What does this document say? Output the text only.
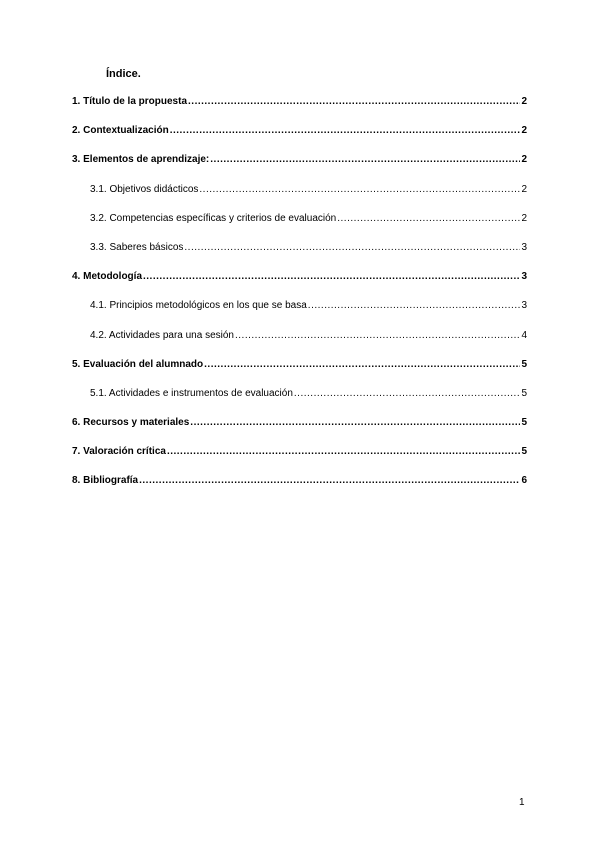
Índice.
1. Título de la propuesta .....	2
2. Contextualización .....	2
3. Elementos de aprendizaje: .....	2
3.1. Objetivos didácticos .....	2
3.2. Competencias específicas y criterios de evaluación .....	2
3.3. Saberes básicos .....	3
4. Metodología .....	3
4.1. Principios metodológicos en los que se basa .....	3
4.2. Actividades para una sesión .....	4
5. Evaluación del alumnado .....	5
5.1. Actividades e instrumentos de evaluación .....	5
6. Recursos y materiales .....	5
7. Valoración crítica .....	5
8. Bibliografía .....	6
1
